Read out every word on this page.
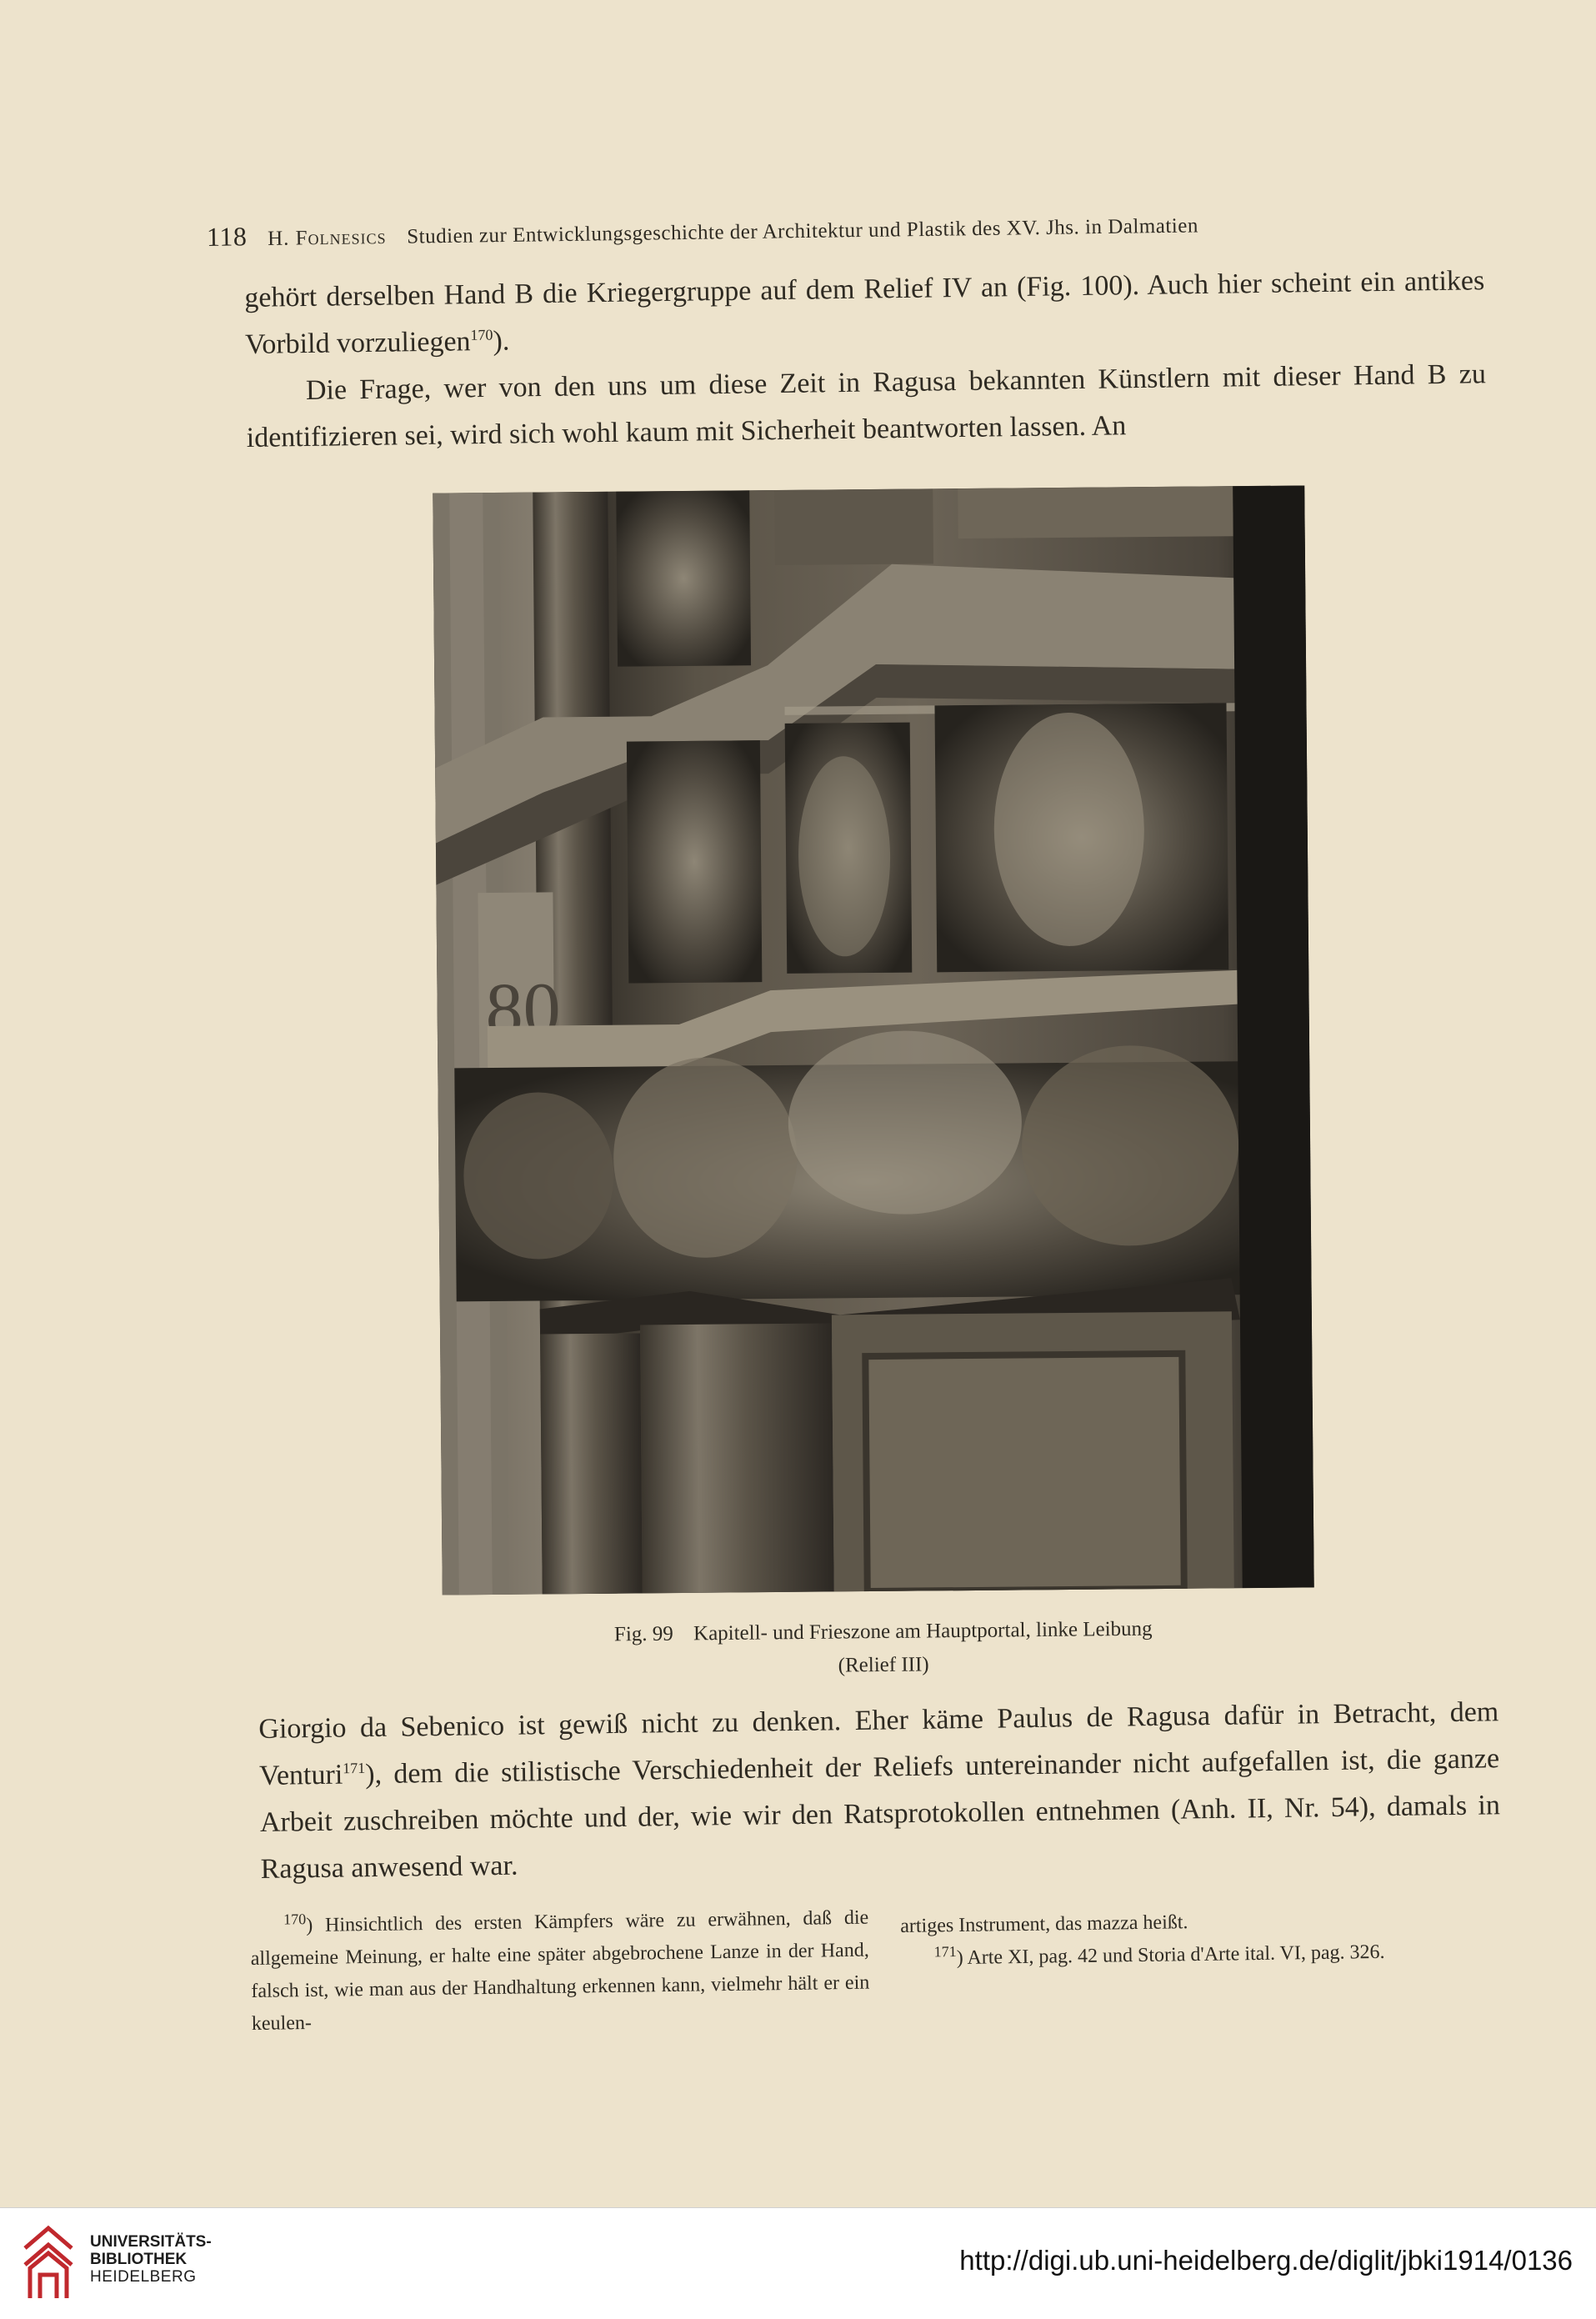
118 H. Folnesics Studien zur Entwicklungsgeschichte der Architektur und Plastik des XV. Jhs. in Dalmatien

gehört derselben Hand B die Kriegergruppe auf dem Relief IV an (Fig. 100). Auch hier scheint ein antikes Vorbild vorzuliegen$^{170}$).

Die Frage, wer von den uns um diese Zeit in Ragusa bekannten Künstlern mit dieser Hand B zu identifizieren sei, wird sich wohl kaum mit Sicherheit beantworten lassen. An

80
Fig. 99 Kapitell- und Frieszone am Hauptportal, linke Leibung
(Relief III)

Giorgio da Sebenico ist gewiß nicht zu denken. Eher käme Paulus de Ragusa dafür in Betracht, dem Venturi$^{171}$), dem die stilistische Verschiedenheit der Reliefs untereinander nicht aufgefallen ist, die ganze Arbeit zuschreiben möchte und der, wie wir den Ratsprotokollen entnehmen (Anh. II, Nr. 54), damals in Ragusa anwesend war.

$^{170}$) Hinsichtlich des ersten Kämpfers wäre zu erwähnen, daß die allgemeine Meinung, er halte eine später abgebrochene Lanze in der Hand, falsch ist, wie man aus der Handhaltung erkennen kann, vielmehr hält er ein keulen-

artiges Instrument, das mazza heißt.

$^{171}$) Arte XI, pag. 42 und Storia d'Arte ital. VI, pag. 326.

UNIVERSITÄTS-
BIBLIOTHEK
HEIDELBERG
http://digi.ub.uni-heidelberg.de/diglit/jbki1914/0136
